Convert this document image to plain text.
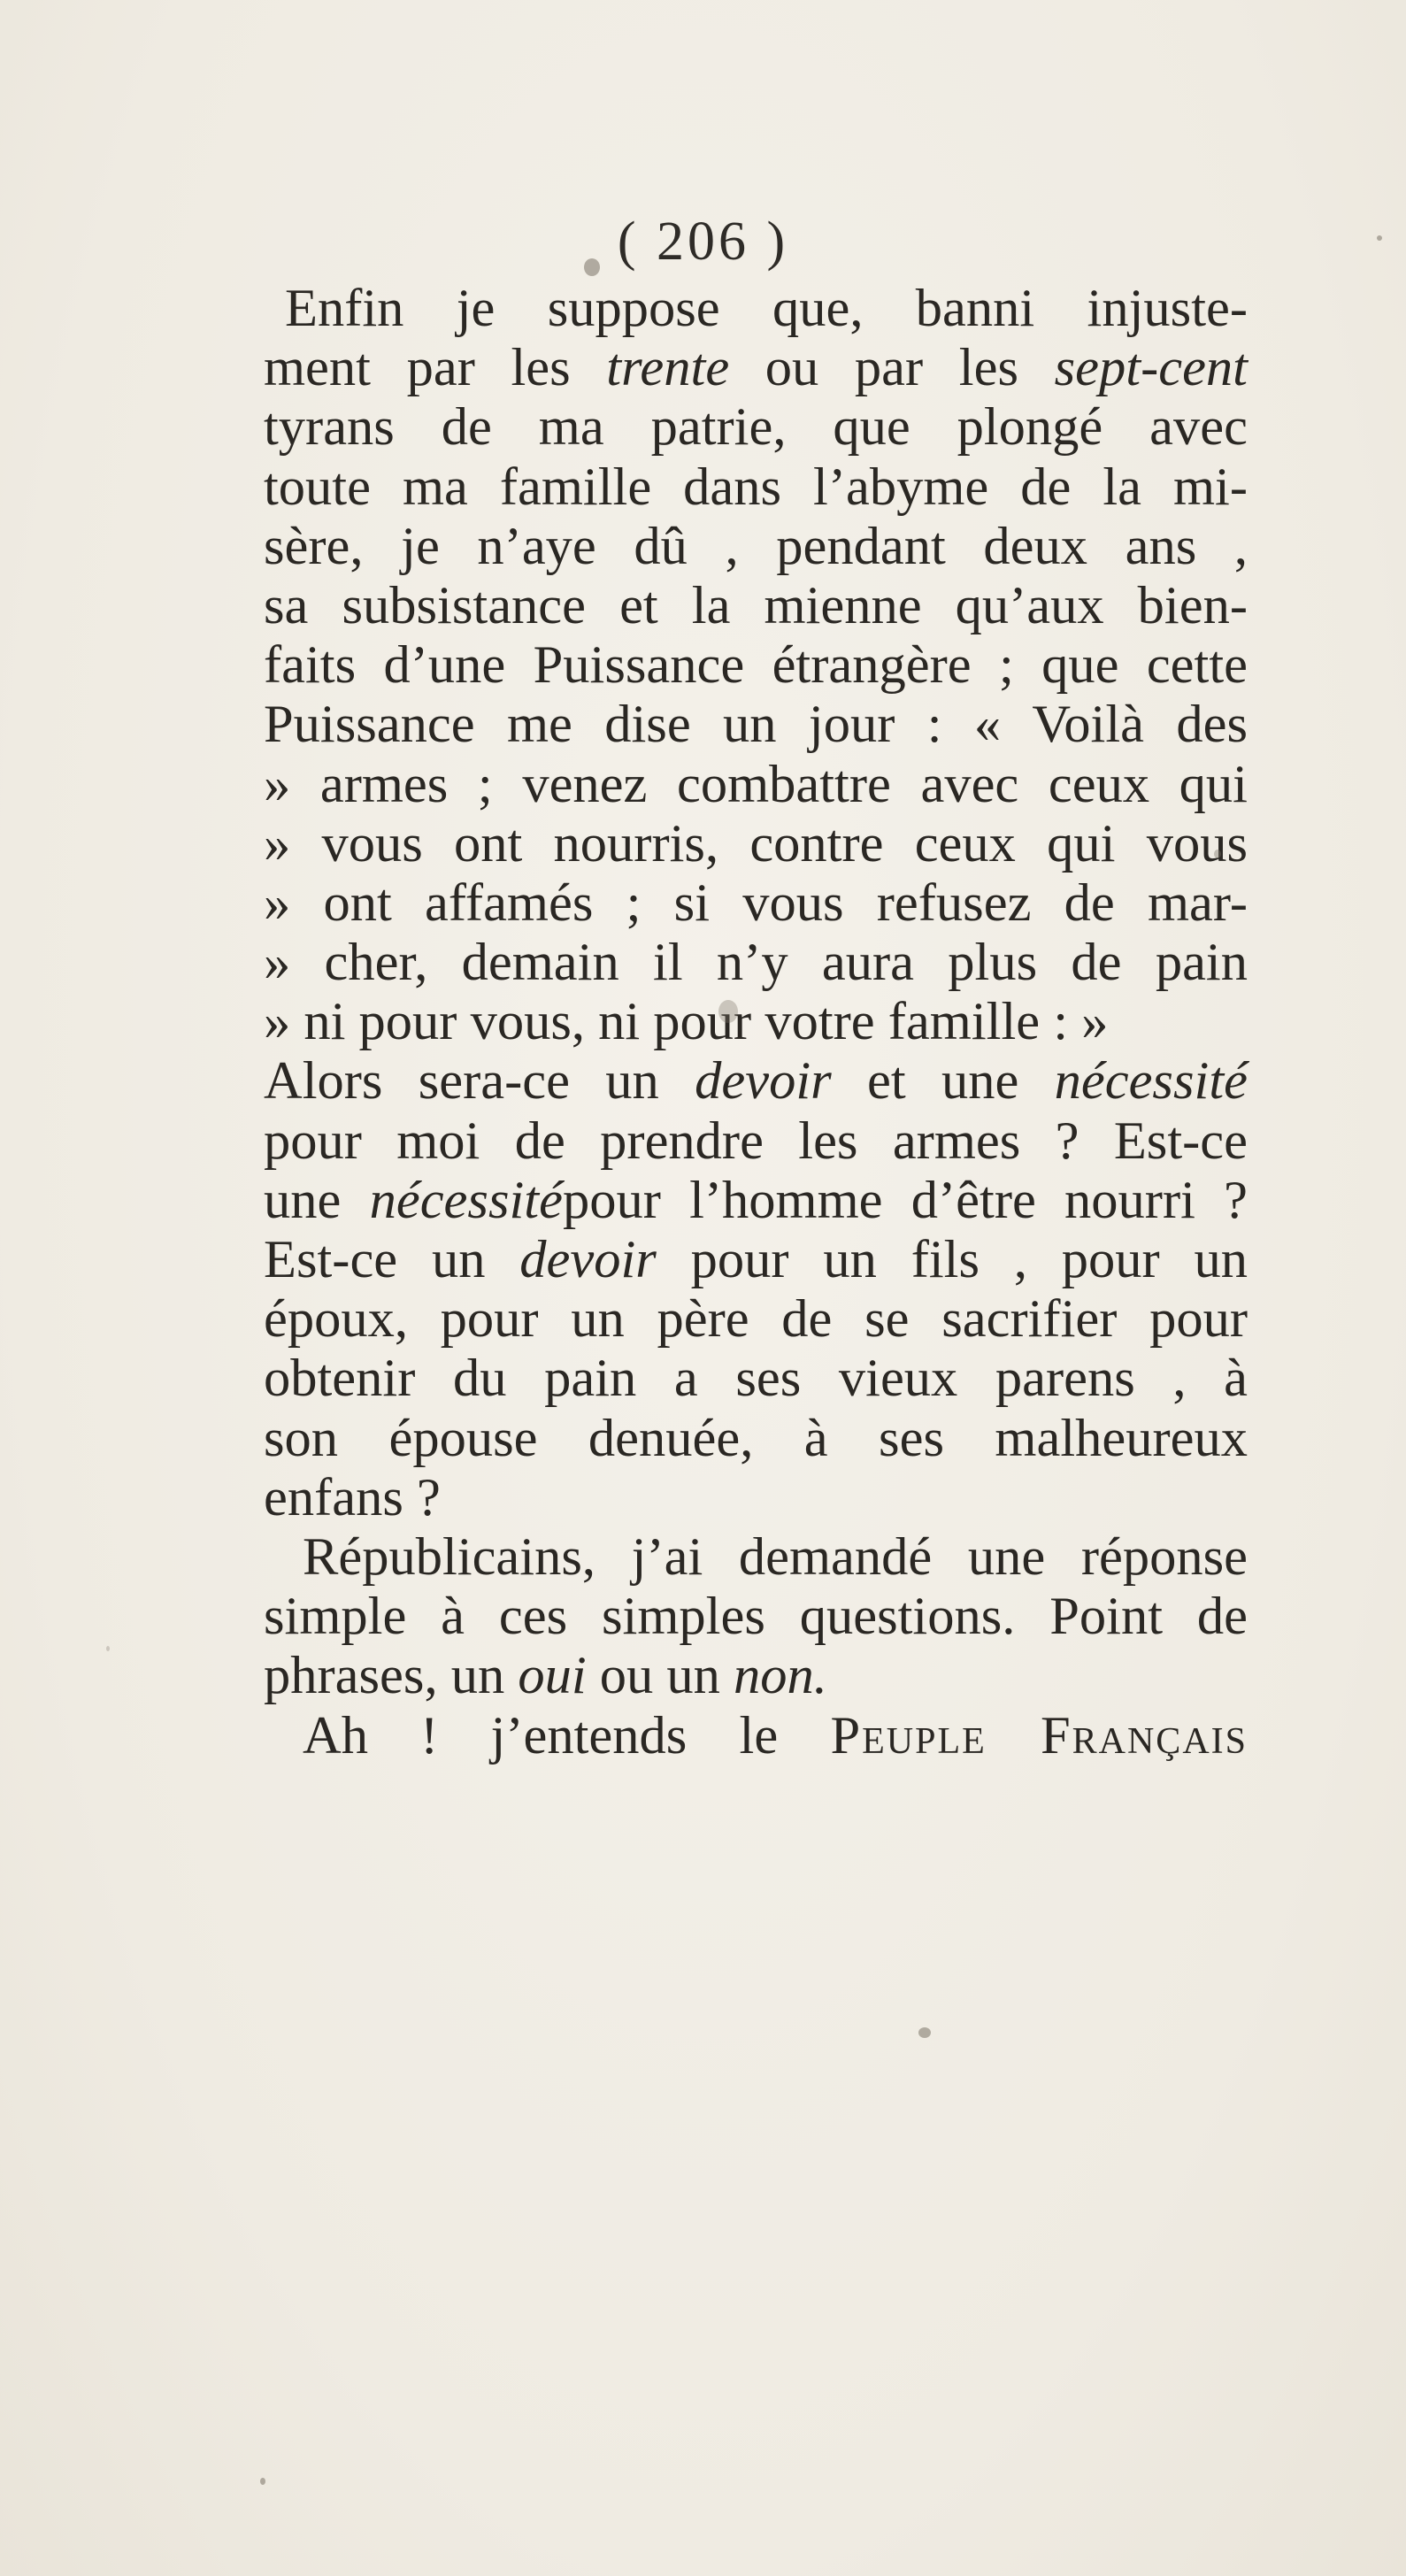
( 206 )
Enfin je suppose que, banni injuste-
ment par les trente ou par les sept-cent
tyrans de ma patrie, que plongé avec
toute ma famille dans l’abyme de la mi-
sère, je n’aye dû , pendant deux ans ,
sa subsistance et la mienne qu’aux bien-
faits d’une Puissance étrangère ; que cette
Puissance me dise un jour : « Voilà des
» armes ; venez combattre avec ceux qui
» vous ont nourris, contre ceux qui vous
» ont affamés ; si vous refusez de mar-
» cher, demain il n’y aura plus de pain
» ni pour vous, ni pour votre famille : »
Alors sera-ce un devoir et une nécessité
pour moi de prendre les armes ? Est-ce
une nécessitépour l’homme d’être nourri ?
Est-ce un devoir pour un fils , pour un
époux, pour un père de se sacrifier pour
obtenir du pain a ses vieux parens , à
son épouse denuée, à ses malheureux
enfans ?
Républicains, j’ai demandé une réponse
simple à ces simples questions. Point de
phrases, un oui ou un non.
Ah ! j’entends le Peuple Français
